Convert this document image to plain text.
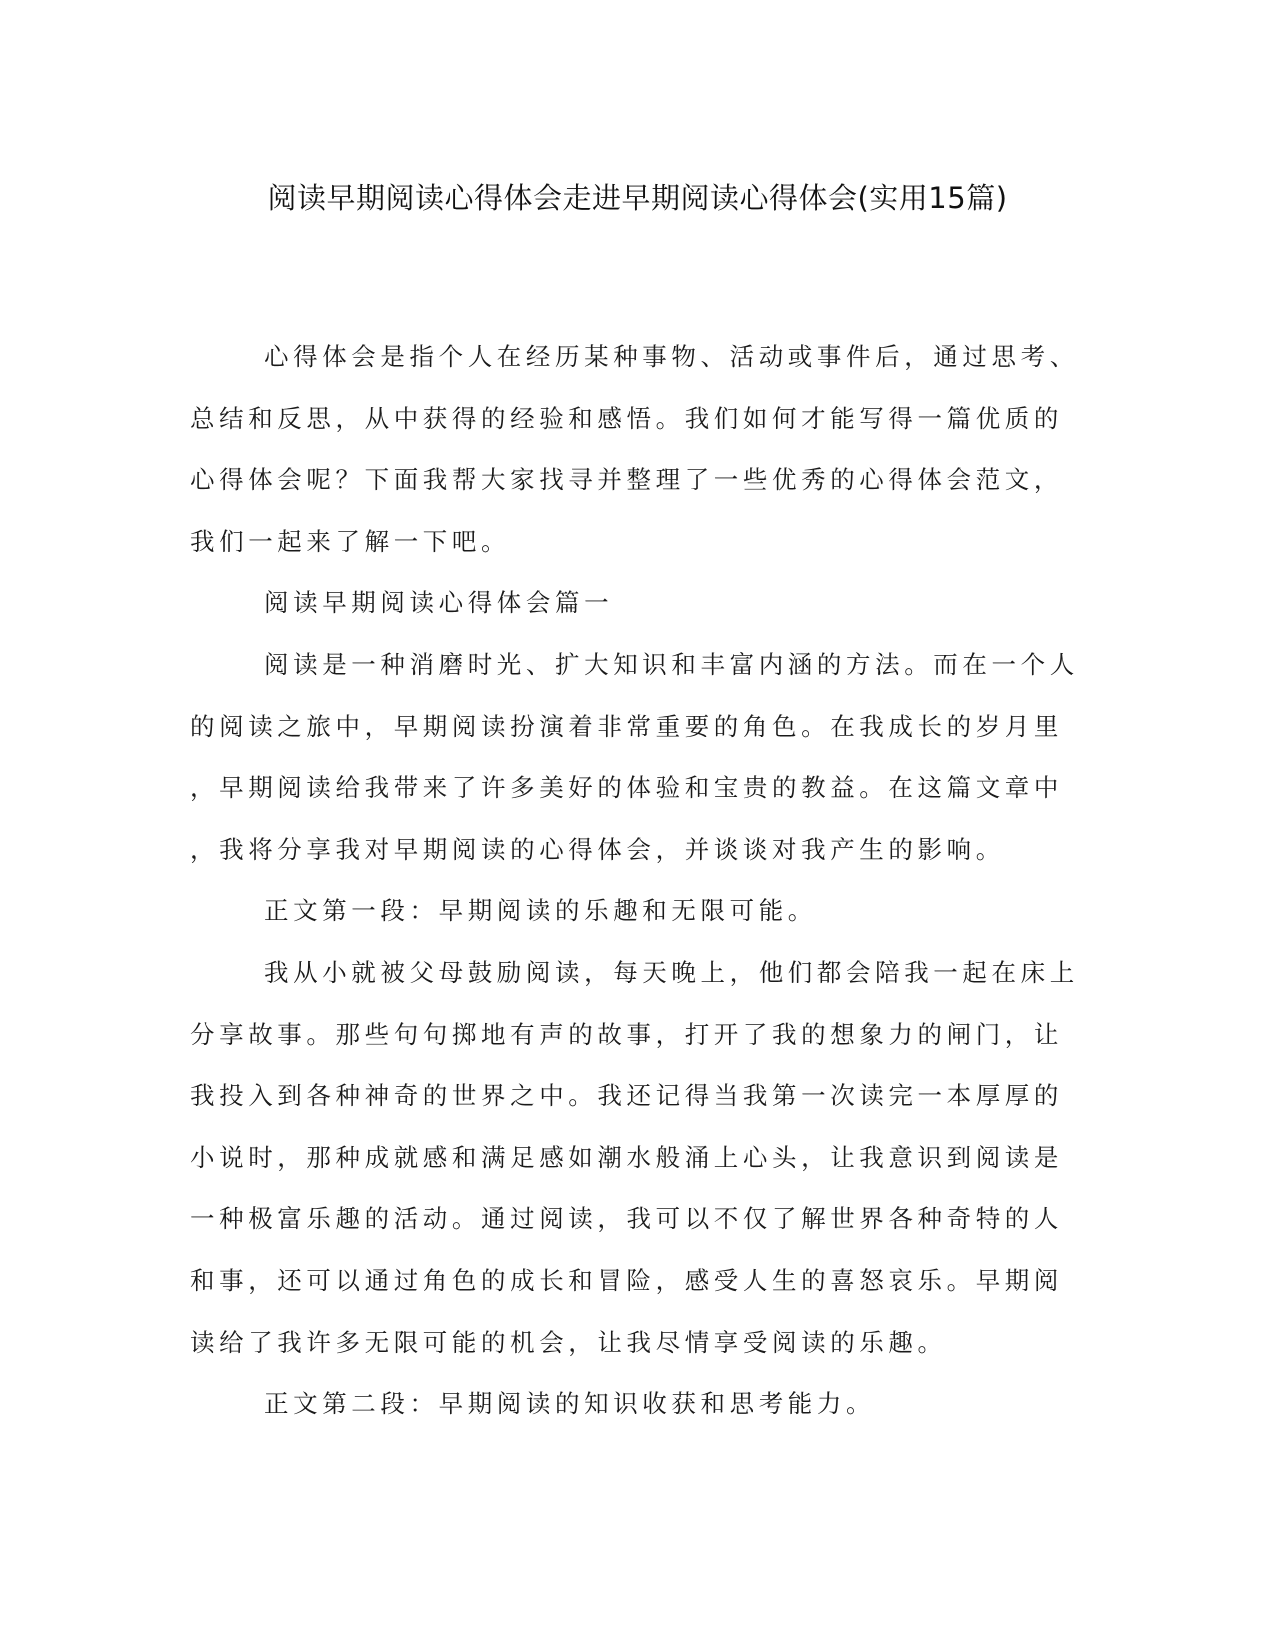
阅读早期阅读心得体会走进早期阅读心得体会(实用15篇)
心得体会是指个人在经历某种事物、活动或事件后，通过思考、
总结和反思，从中获得的经验和感悟。我们如何才能写得一篇优质的
心得体会呢？下面我帮大家找寻并整理了一些优秀的心得体会范文，
我们一起来了解一下吧。
阅读早期阅读心得体会篇一
阅读是一种消磨时光、扩大知识和丰富内涵的方法。而在一个人
的阅读之旅中，早期阅读扮演着非常重要的角色。在我成长的岁月里
，早期阅读给我带来了许多美好的体验和宝贵的教益。在这篇文章中
，我将分享我对早期阅读的心得体会，并谈谈对我产生的影响。
正文第一段：早期阅读的乐趣和无限可能。
我从小就被父母鼓励阅读，每天晚上，他们都会陪我一起在床上
分享故事。那些句句掷地有声的故事，打开了我的想象力的闸门，让
我投入到各种神奇的世界之中。我还记得当我第一次读完一本厚厚的
小说时，那种成就感和满足感如潮水般涌上心头，让我意识到阅读是
一种极富乐趣的活动。通过阅读，我可以不仅了解世界各种奇特的人
和事，还可以通过角色的成长和冒险，感受人生的喜怒哀乐。早期阅
读给了我许多无限可能的机会，让我尽情享受阅读的乐趣。
正文第二段：早期阅读的知识收获和思考能力。
